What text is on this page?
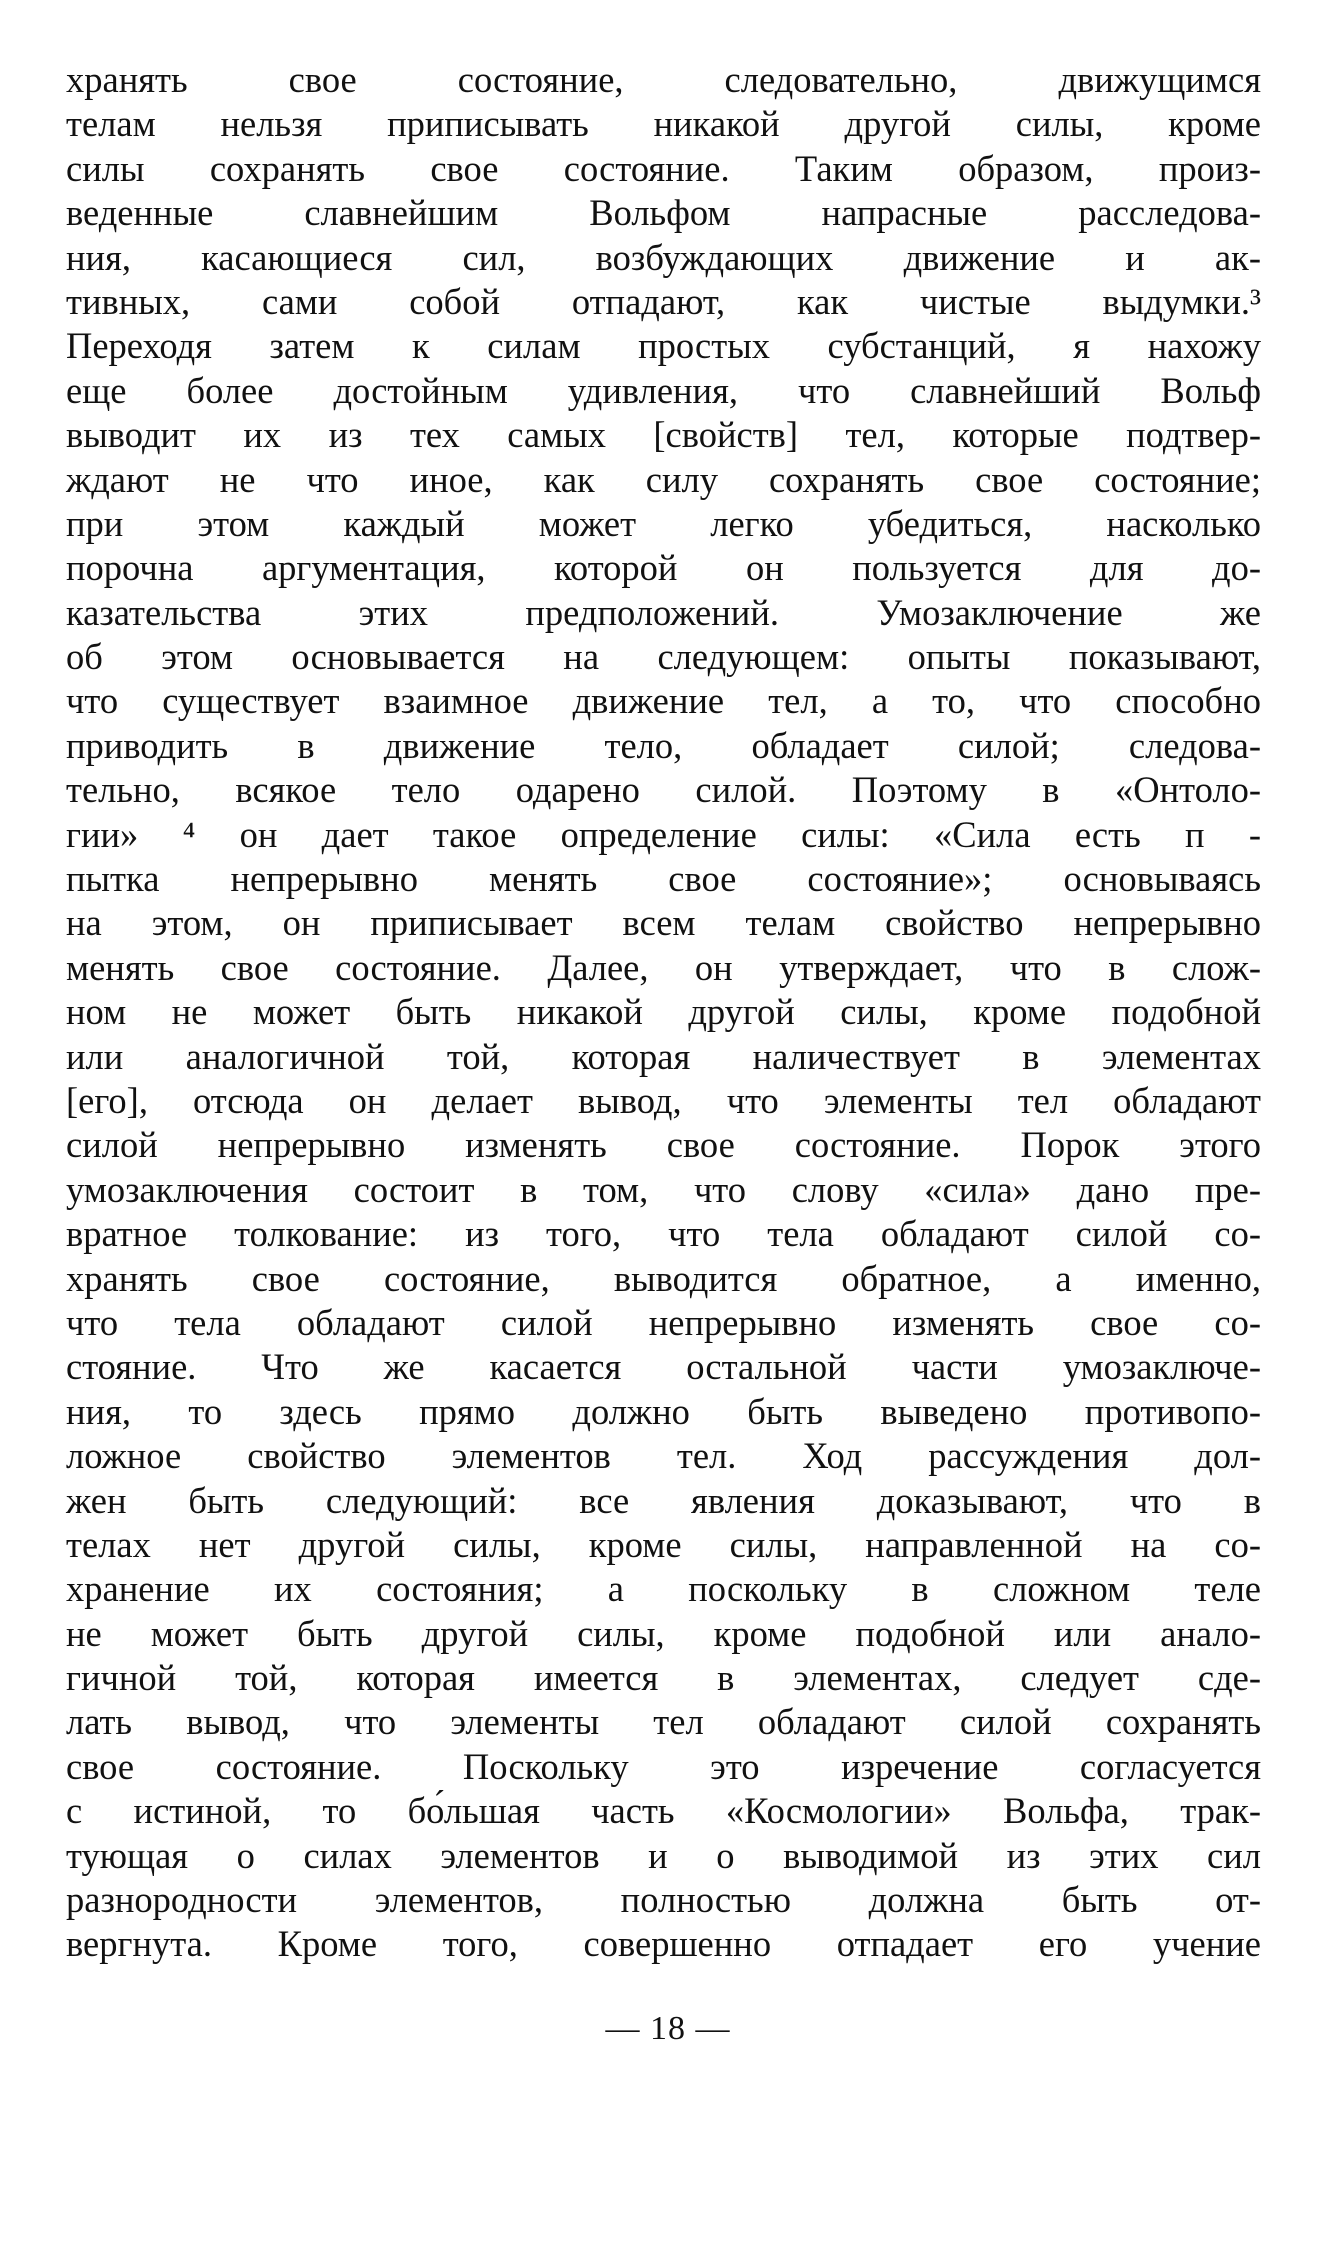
хранять свое состояние, следовательно, движущимся
телам нельзя приписывать никакой другой силы, кроме
силы сохранять свое состояние. Таким образом, произ-
веденные славнейшим Вольфом напрасные расследова-
ния, касающиеся сил, возбуждающих движение и ак-
тивных, сами собой отпадают, как чистые выдумки.³
Переходя затем к силам простых субстанций, я нахожу
еще более достойным удивления, что славнейший Вольф
выводит их из тех самых [свойств] тел, которые подтвер-
ждают не что иное, как силу сохранять свое состояние;
при этом каждый может легко убедиться, насколько
порочна аргументация, которой он пользуется для до-
казательства этих предположений. Умозаключение же
об этом основывается на следующем: опыты показывают,
что существует взаимное движение тел, а то, что способно
приводить в движение тело, обладает силой; следова-
тельно, всякое тело одарено силой. Поэтому в «Онтоло-
гии» ⁴ он дает такое определение силы: «Сила есть п -
пытка непрерывно менять свое состояние»; основываясь
на этом, он приписывает всем телам свойство непрерывно
менять свое состояние. Далее, он утверждает, что в слож-
ном не может быть никакой другой силы, кроме подобной
или аналогичной той, которая наличествует в элементах
[его], отсюда он делает вывод, что элементы тел обладают
силой непрерывно изменять свое состояние. Порок этого
умозаключения состоит в том, что слову «сила» дано пре-
вратное толкование: из того, что тела обладают силой со-
хранять свое состояние, выводится обратное, а именно,
что тела обладают силой непрерывно изменять свое со-
стояние. Что же касается остальной части умозаключе-
ния, то здесь прямо должно быть выведено противопо-
ложное свойство элементов тел. Ход рассуждения дол-
жен быть следующий: все явления доказывают, что в
телах нет другой силы, кроме силы, направленной на со-
хранение их состояния; а поскольку в сложном теле
не может быть другой силы, кроме подобной или анало-
гичной той, которая имеется в элементах, следует сде-
лать вывод, что элементы тел обладают силой сохранять
свое состояние. Поскольку это изречение согласуется
с истиной, то бо́льшая часть «Космологии» Вольфа, трак-
тующая о силах элементов и о выводимой из этих сил
разнородности элементов, полностью должна быть от-
вергнута. Кроме того, совершенно отпадает его учение
— 18 —
